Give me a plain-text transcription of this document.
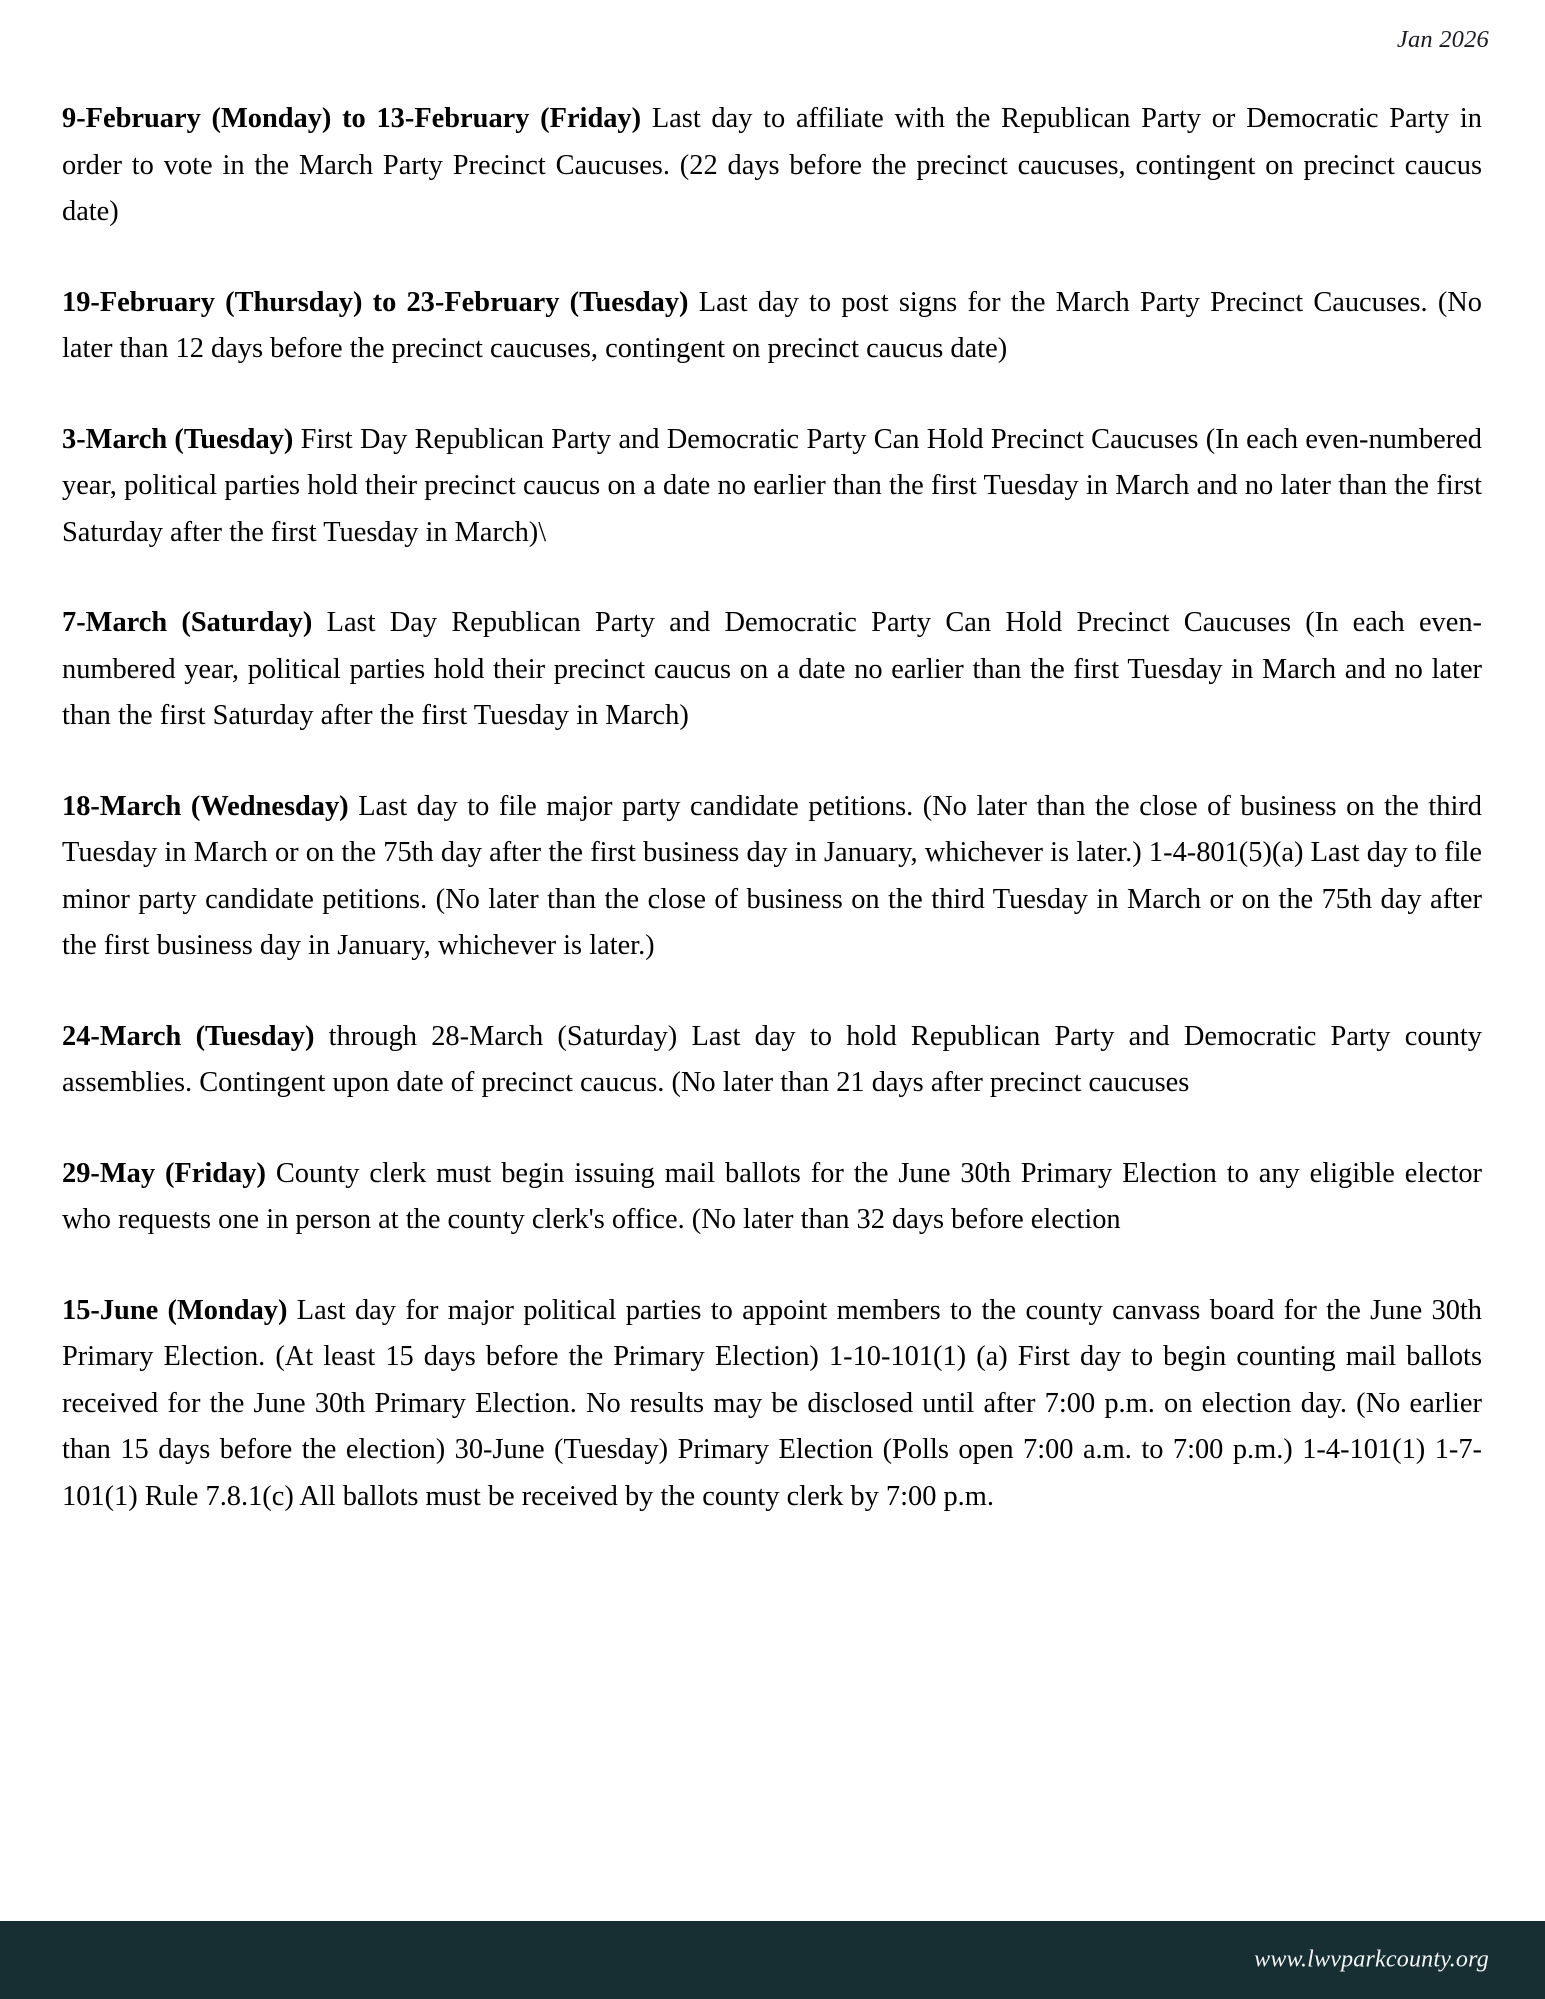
Jan 2026

9-February (Monday) to 13-February (Friday) Last day to affiliate with the Republican Party or Democratic Party in order to vote in the March Party Precinct Caucuses. (22 days before the precinct caucuses, contingent on precinct caucus date)

19-February (Thursday) to 23-February (Tuesday) Last day to post signs for the March Party Precinct Caucuses. (No later than 12 days before the precinct caucuses, contingent on precinct caucus date)

3-March (Tuesday) First Day Republican Party and Democratic Party Can Hold Precinct Caucuses (In each even-numbered year, political parties hold their precinct caucus on a date no earlier than the first Tuesday in March and no later than the first Saturday after the first Tuesday in March)\

7-March (Saturday) Last Day Republican Party and Democratic Party Can Hold Precinct Caucuses (In each even-numbered year, political parties hold their precinct caucus on a date no earlier than the first Tuesday in March and no later than the first Saturday after the first Tuesday in March)

18-March (Wednesday) Last day to file major party candidate petitions. (No later than the close of business on the third Tuesday in March or on the 75th day after the first business day in January, whichever is later.) 1-4-801(5)(a) Last day to file minor party candidate petitions. (No later than the close of business on the third Tuesday in March or on the 75th day after the first business day in January, whichever is later.)

24-March (Tuesday) through 28-March (Saturday) Last day to hold Republican Party and Democratic Party county assemblies. Contingent upon date of precinct caucus. (No later than 21 days after precinct caucuses

29-May (Friday) County clerk must begin issuing mail ballots for the June 30th Primary Election to any eligible elector who requests one in person at the county clerk's office. (No later than 32 days before election

15-June (Monday) Last day for major political parties to appoint members to the county canvass board for the June 30th Primary Election. (At least 15 days before the Primary Election) 1-10-101(1) (a) First day to begin counting mail ballots received for the June 30th Primary Election. No results may be disclosed until after 7:00 p.m. on election day. (No earlier than 15 days before the election) 30-June (Tuesday) Primary Election (Polls open 7:00 a.m. to 7:00 p.m.) 1-4-101(1) 1-7-101(1) Rule 7.8.1(c) All ballots must be received by the county clerk by 7:00 p.m.

www.lwvparkcounty.org
